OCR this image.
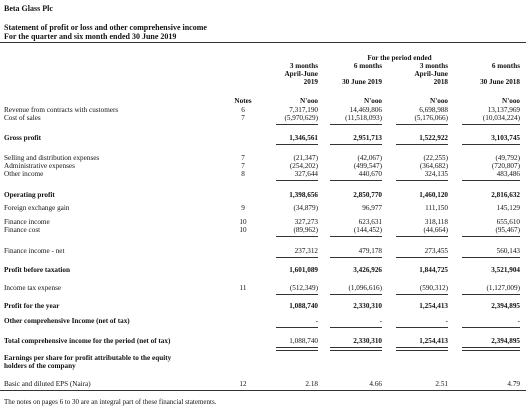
Beta Glass Plc
Statement of profit or loss and other comprehensive income
For the quarter and six month ended 30 June 2019
For the period ended
3 months
April-June
2019
6 months
30 June 2019
3 months
April-June
2018
6 months
30 June 2018
Notes	N'ooo	N'ooo	N'ooo	N'ooo
Revenue from contracts with customers	6	7,317,190	14,469,806	6,698,988	13,137,969
Cost of sales	7	(5,970,629)	(11,518,093)	(5,176,066)	(10,034,224)
Gross profit	1,346,561	2,951,713	1,522,922	3,103,745
Selling and distribution expenses	7	(21,347)	(42,067)	(22,255)	(49,792)
Administrative expenses	7	(254,202)	(499,547)	(364,682)	(720,807)
Other income	8	327,644	440,670	324,135	483,486
Operating profit	1,398,656	2,850,770	1,460,120	2,816,632
Foreign exchange gain	9	(34,879)	96,977	111,150	145,129
Finance income	10	327,273	623,631	318,118	655,610
Finance cost	10	(89,962)	(144,452)	(44,664)	(95,467)
Finance income - net	237,312	479,178	273,455	560,143
Profit before taxation	1,601,089	3,426,926	1,844,725	3,521,904
Income tax expense	11	(512,349)	(1,096,616)	(590,312)	(1,127,009)
Profit for the year	1,088,740	2,330,310	1,254,413	2,394,895
Other comprehensive Income (net of tax)	-	-	-	-
Total comprehensive income for the period (net of tax)	1,088,740	2,330,310	1,254,413	2,394,895
Earnings per share for profit attributable to the equity
holders of the company
Basic and diluted EPS (Naira)	12	2.18	4.66	2.51	4.79
The notes on pages 6 to 30 are an integral part of these financial statements.
